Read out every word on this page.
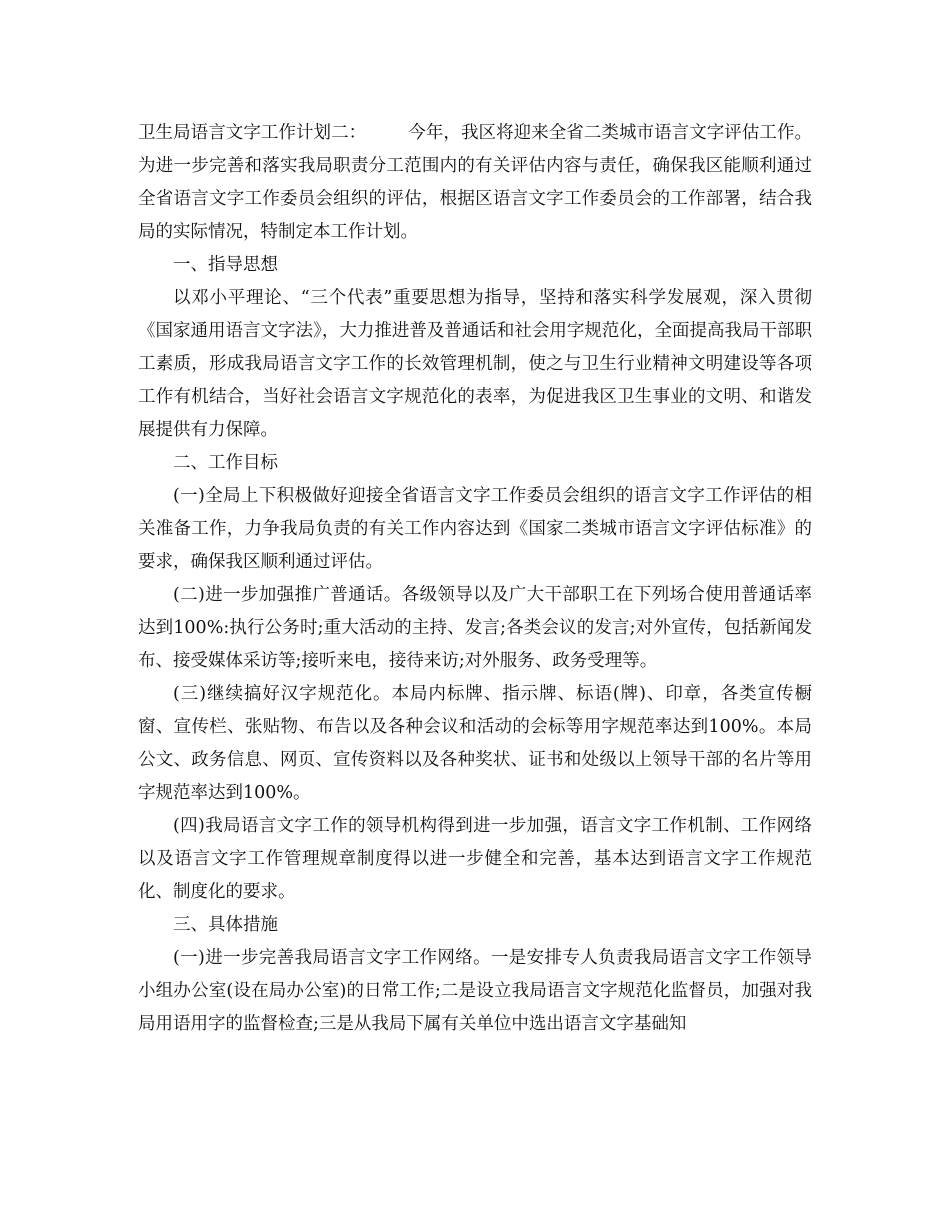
卫生局语言文字工作计划二： 今年，我区将迎来全省二类城市语言文字评估工作。为进一步完善和落实我局职责分工范围内的有关评估内容与责任，确保我区能顺利通过全省语言文字工作委员会组织的评估，根据区语言文字工作委员会的工作部署，结合我局的实际情况，特制定本工作计划。

一、指导思想

以邓小平理论、“三个代表”重要思想为指导，坚持和落实科学发展观，深入贯彻《国家通用语言文字法》，大力推进普及普通话和社会用字规范化，全面提高我局干部职工素质，形成我局语言文字工作的长效管理机制，使之与卫生行业精神文明建设等各项工作有机结合，当好社会语言文字规范化的表率，为促进我区卫生事业的文明、和谐发展提供有力保障。

二、工作目标

(一)全局上下积极做好迎接全省语言文字工作委员会组织的语言文字工作评估的相关准备工作，力争我局负责的有关工作内容达到《国家二类城市语言文字评估标准》的要求，确保我区顺利通过评估。

(二)进一步加强推广普通话。各级领导以及广大干部职工在下列场合使用普通话率达到100%:执行公务时;重大活动的主持、发言;各类会议的发言;对外宣传，包括新闻发布、接受媒体采访等;接听来电，接待来访;对外服务、政务受理等。

(三)继续搞好汉字规范化。本局内标牌、指示牌、标语(牌)、印章，各类宣传橱窗、宣传栏、张贴物、布告以及各种会议和活动的会标等用字规范率达到100%。本局公文、政务信息、网页、宣传资料以及各种奖状、证书和处级以上领导干部的名片等用字规范率达到100%。

(四)我局语言文字工作的领导机构得到进一步加强，语言文字工作机制、工作网络以及语言文字工作管理规章制度得以进一步健全和完善，基本达到语言文字工作规范化、制度化的要求。

三、具体措施

(一)进一步完善我局语言文字工作网络。一是安排专人负责我局语言文字工作领导小组办公室(设在局办公室)的日常工作;二是设立我局语言文字规范化监督员，加强对我局用语用字的监督检查;三是从我局下属有关单位中选出语言文字基础知
